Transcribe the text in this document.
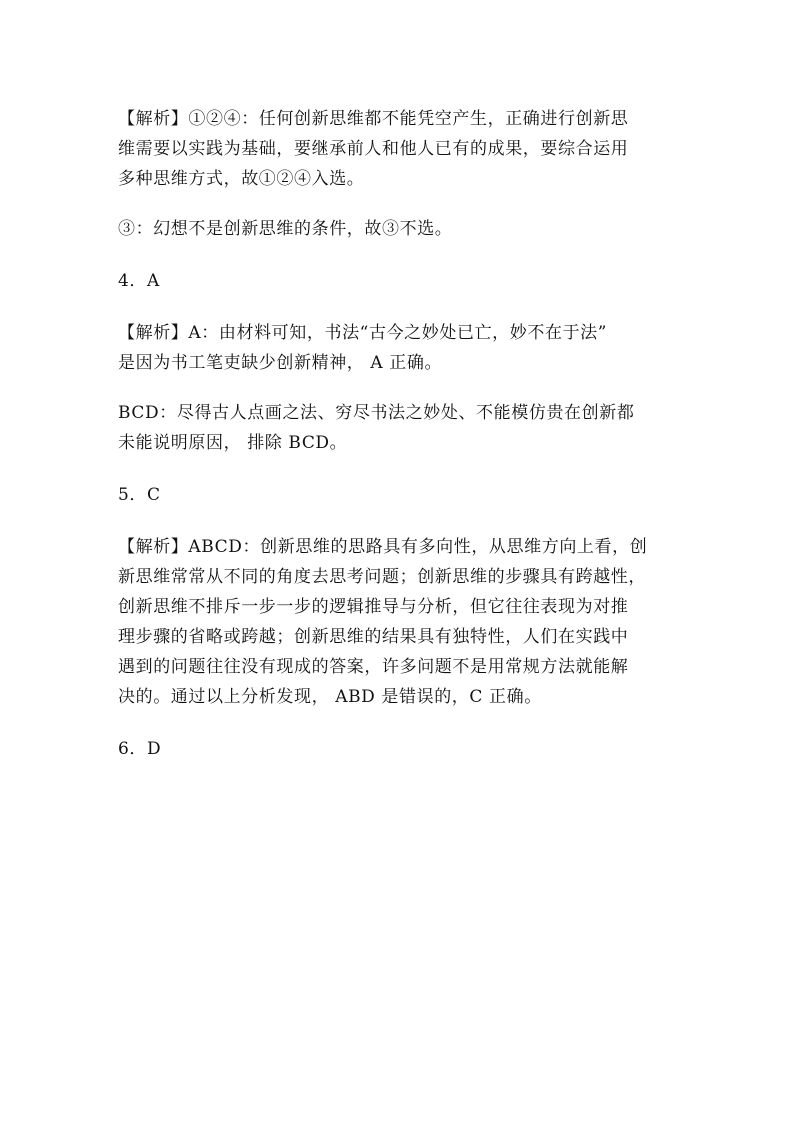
【解析】①②④：任何创新思维都不能凭空产生，正确进行创新思
维需要以实践为基础，要继承前人和他人已有的成果，要综合运用
多种思维方式，故①②④入选。

③：幻想不是创新思维的条件，故③不选。

4．A

【解析】A：由材料可知，书法“古今之妙处已亡，妙不在于法”
是因为书工笔吏缺少创新精神， A 正确。

BCD：尽得古人点画之法、穷尽书法之妙处、不能模仿贵在创新都
未能说明原因， 排除 BCD。

5．C

【解析】ABCD：创新思维的思路具有多向性，从思维方向上看，创
新思维常常从不同的角度去思考问题；创新思维的步骤具有跨越性，
创新思维不排斥一步一步的逻辑推导与分析，但它往往表现为对推
理步骤的省略或跨越；创新思维的结果具有独特性，人们在实践中
遇到的问题往往没有现成的答案，许多问题不是用常规方法就能解
决的。通过以上分析发现， ABD 是错误的，C 正确。

6．D
